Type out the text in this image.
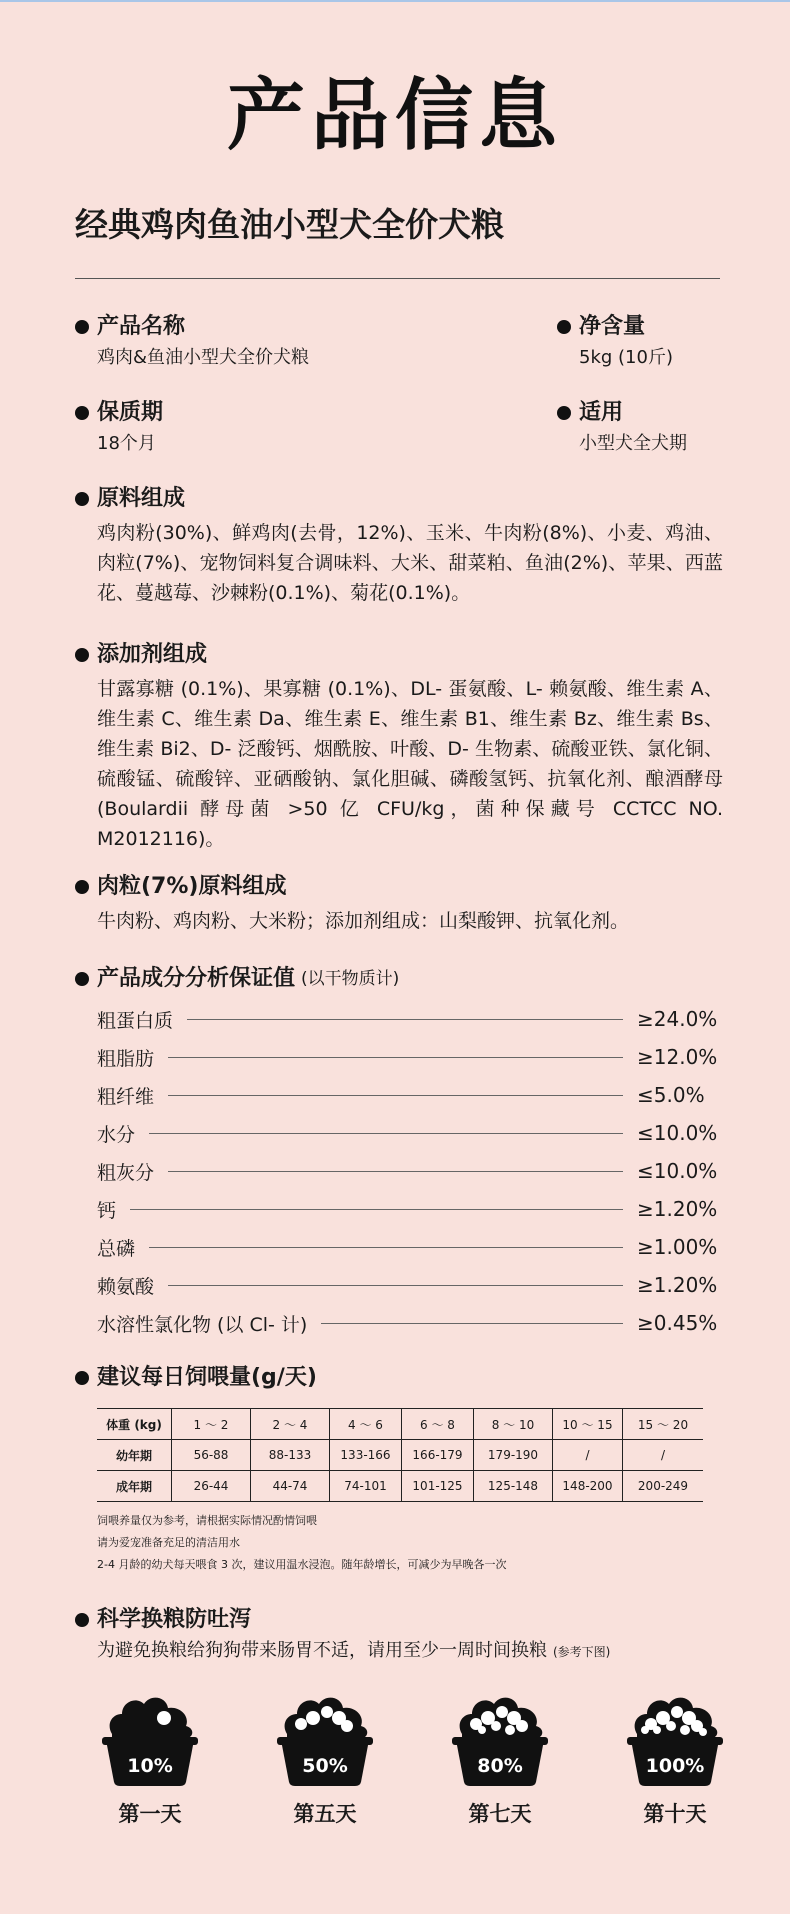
产品信息
经典鸡肉鱼油小型犬全价犬粮
产品名称
鸡肉&鱼油小型犬全价犬粮
净含量
5kg (10斤)
保质期
18个月
适用
小型犬全犬期
原料组成
鸡肉粉(30%)、鲜鸡肉(去骨，12%)、玉米、牛肉粉(8%)、小麦、鸡油、肉粒(7%)、宠物饲料复合调味料、大米、甜菜粕、鱼油(2%)、苹果、西蓝花、蔓越莓、沙棘粉(0.1%)、菊花(0.1%)。
添加剂组成
甘露寡糖 (0.1%)、果寡糖 (0.1%)、DL- 蛋氨酸、L- 赖氨酸、维生素 A、维生素 C、维生素 Da、维生素 E、维生素 B1、维生素 Bz、维生素 Bs、维生素 Bi2、D- 泛酸钙、烟酰胺、叶酸、D- 生物素、硫酸亚铁、氯化铜、硫酸锰、硫酸锌、亚硒酸钠、氯化胆碱、磷酸氢钙、抗氧化剂、酿酒酵母 (Boulardii 酵母菌 >50 亿 CFU/kg，菌种保藏号 CCTCC NO. M2012116)。
肉粒(7%)原料组成
牛肉粉、鸡肉粉、大米粉；添加剂组成：山梨酸钾、抗氧化剂。
产品成分分析保证值 (以干物质计)
粗蛋白质	≥24.0%
粗脂肪	≥12.0%
粗纤维	≤5.0%
水分	≤10.0%
粗灰分	≤10.0%
钙	≥1.20%
总磷	≥1.00%
赖氨酸	≥1.20%
水溶性氯化物 (以 Cl- 计)	≥0.45%
建议每日饲喂量(g/天)
体重 (kg)	1 ～ 2	2 ～ 4	4 ～ 6	6 ～ 8	8 ～ 10	10 ～ 15	15 ～ 20
幼年期	56-88	88-133	133-166	166-179	179-190	/	/
成年期	26-44	44-74	74-101	101-125	125-148	148-200	200-249
饲喂养量仅为参考，请根据实际情况酌情饲喂
请为爱宠准备充足的清洁用水
2-4 月龄的幼犬每天喂食 3 次，建议用温水浸泡。随年龄增长，可减少为早晚各一次
科学换粮防吐泻
为避免换粮给狗狗带来肠胃不适，请用至少一周时间换粮 (参考下图)
10%
第一天
50%
第五天
80%
第七天
100%
第十天
